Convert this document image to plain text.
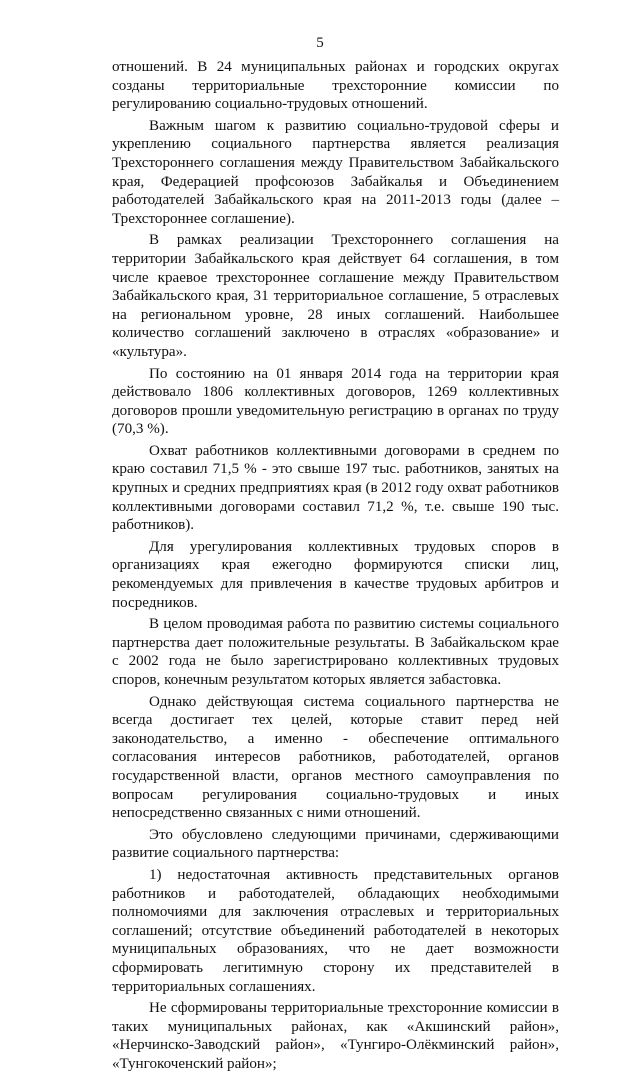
5

отношений. В 24 муниципальных районах и городских округах созданы территориальные трехсторонние комиссии по регулированию социально-трудовых отношений.

Важным шагом к развитию социально-трудовой сферы и укреплению социального партнерства является реализация Трехстороннего соглашения между Правительством Забайкальского края, Федерацией профсоюзов Забайкалья и Объединением работодателей Забайкальского края на 2011-2013 годы (далее – Трехстороннее соглашение).

В рамках реализации Трехстороннего соглашения на территории Забайкальского края действует 64 соглашения, в том числе краевое трехстороннее соглашение между Правительством Забайкальского края, 31 территориальное соглашение, 5 отраслевых на региональном уровне, 28 иных соглашений. Наибольшее количество соглашений заключено в отраслях «образование» и «культура».

По состоянию на 01 января 2014 года на территории края действовало 1806 коллективных договоров, 1269 коллективных договоров прошли уведомительную регистрацию в органах по труду (70,3 %).

Охват работников коллективными договорами в среднем по краю составил 71,5 % - это свыше 197 тыс. работников, занятых на крупных и средних предприятиях края (в 2012 году охват работников коллективными договорами составил 71,2 %, т.е. свыше 190 тыс. работников).

Для урегулирования коллективных трудовых споров в организациях края ежегодно формируются списки лиц, рекомендуемых для привлечения в качестве трудовых арбитров и посредников.

В целом проводимая работа по развитию системы социального партнерства дает положительные результаты. В Забайкальском крае с 2002 года не было зарегистрировано коллективных трудовых споров, конечным результатом которых является забастовка.

Однако действующая система социального партнерства не всегда достигает тех целей, которые ставит перед ней законодательство, а именно - обеспечение оптимального согласования интересов работников, работодателей, органов государственной власти, органов местного самоуправления по вопросам регулирования социально-трудовых и иных непосредственно связанных с ними отношений.

Это обусловлено следующими причинами, сдерживающими развитие социального партнерства:

1) недостаточная активность представительных органов работников и работодателей, обладающих необходимыми полномочиями для заключения отраслевых и территориальных соглашений; отсутствие объединений работодателей в некоторых муниципальных образованиях, что не дает возможности сформировать легитимную сторону их представителей в территориальных соглашениях.

Не сформированы территориальные трехсторонние комиссии в таких муниципальных районах, как «Акшинский район», «Нерчинско-Заводский район», «Тунгиро-Олёкминский район», «Тунгокоченский район»;
